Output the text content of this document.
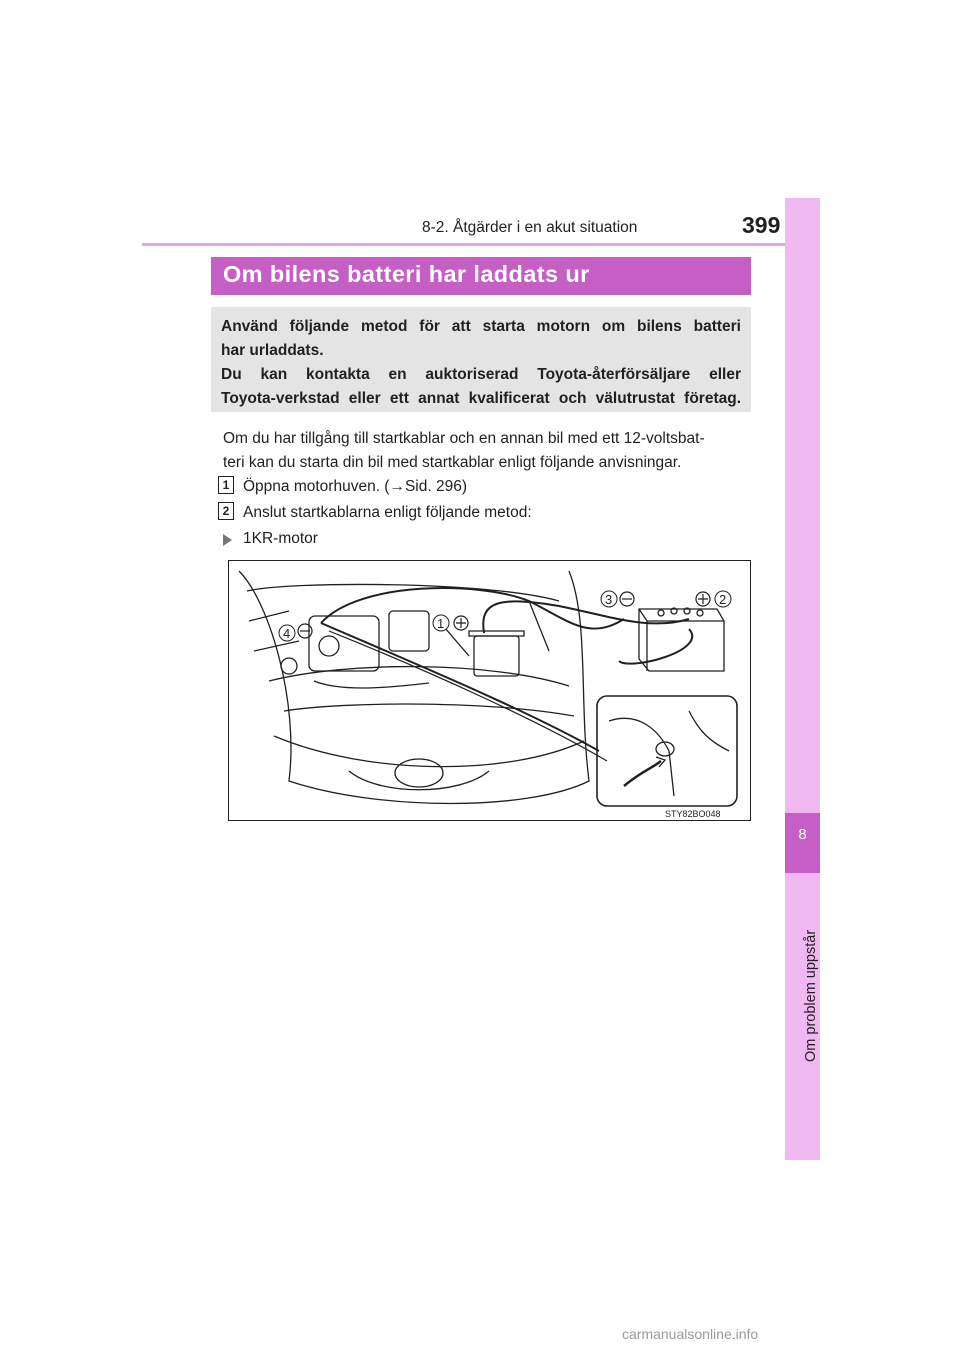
8-2. Åtgärder i en akut situation	399
8
Om problem uppstår
Om bilens batteri har laddats ur
Använd följande metod för att starta motorn om bilens batteri
har urladdats.
Du kan kontakta en auktoriserad Toyota-återförsäljare eller
Toyota-verkstad eller ett annat kvalificerat och välutrustat företag.
Om du har tillgång till startkablar och en annan bil med ett 12-voltsbat-
teri kan du starta din bil med startkablar enligt följande anvisningar.
1 Öppna motorhuven. (→Sid. 296)
2 Anslut startkablarna enligt följande metod:
1KR-motor
4
1
3	2
STY82BO048
carmanualsonline.info
